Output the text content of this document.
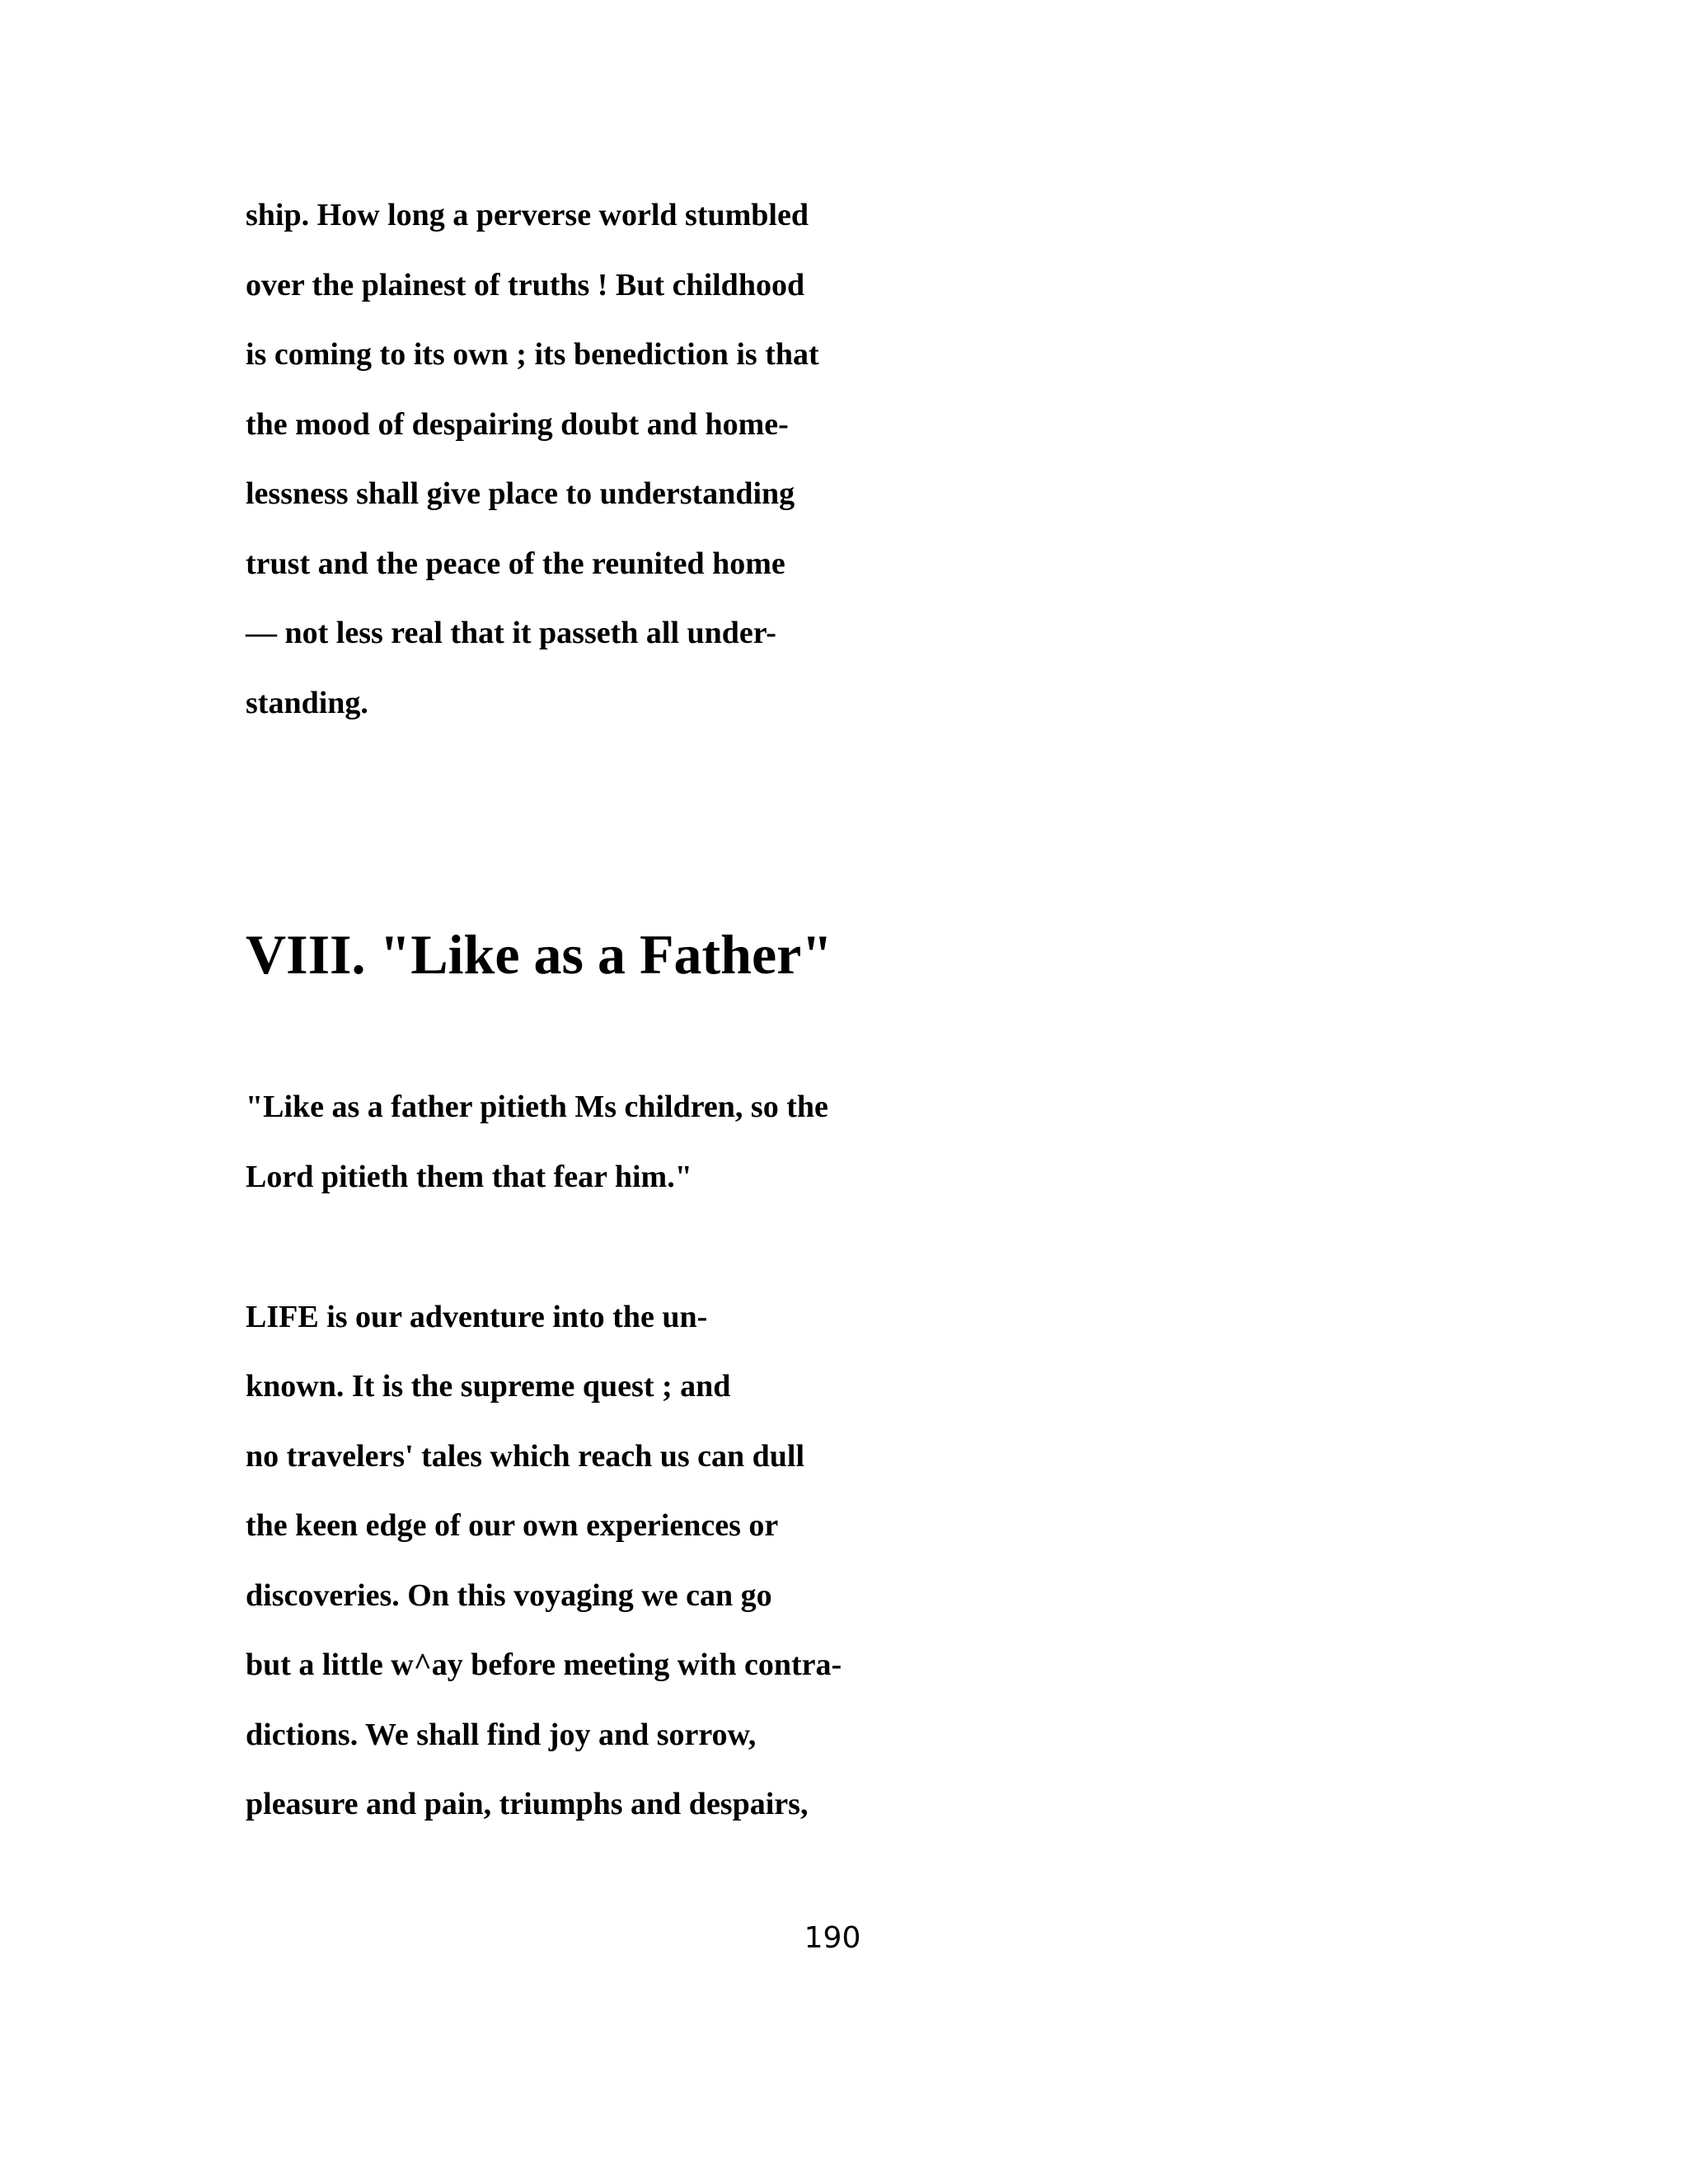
ship. How long a perverse world stumbled

over the plainest of truths ! But childhood

is coming to its own ; its benediction is that

the mood of despairing doubt and home-

lessness shall give place to understanding

trust and the peace of the reunited home

— not less real that it passeth all under-

standing.

VIII. "Like as a Father"

"Like as a father pitieth Ms children, so the

Lord pitieth them that fear him."

LIFE is our adventure into the un-

known. It is the supreme quest ; and

no travelers' tales which reach us can dull

the keen edge of our own experiences or

discoveries. On this voyaging we can go

but a little w^ay before meeting with contra-

dictions. We shall find joy and sorrow,

pleasure and pain, triumphs and despairs,

190
